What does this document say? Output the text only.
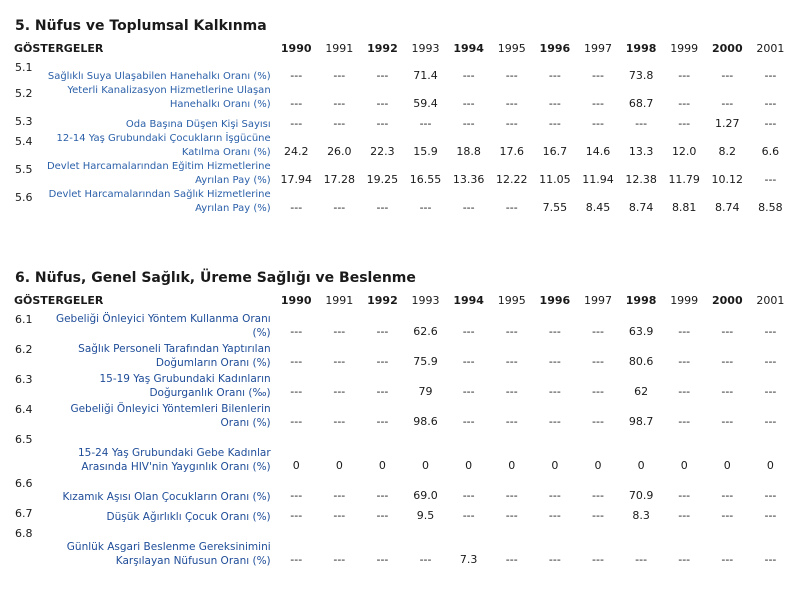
5. Nüfus ve Toplumsal Kalkınma
GÖSTERGELER		1990	1991	1992	1993	1994	1995	1996	1997	1998	1999	2000	2001
5.1	Sağlıklı Suya Ulaşabilen Hanehalkı Oranı (%)	---	---	---	71.4	---	---	---	---	73.8	---	---	---
5.2	Yeterli Kanalizasyon Hizmetlerine Ulaşan Hanehalkı Oranı (%)	---	---	---	59.4	---	---	---	---	68.7	---	---	---
5.3	Oda Başına Düşen Kişi Sayısı	---	---	---	---	---	---	---	---	---	---	1.27	---
5.4	12-14 Yaş Grubundaki Çocukların İşgücüne Katılma Oranı (%)	24.2	26.0	22.3	15.9	18.8	17.6	16.7	14.6	13.3	12.0	8.2	6.6
5.5	Devlet Harcamalarından Eğitim Hizmetlerine Ayrılan Pay (%)	17.94	17.28	19.25	16.55	13.36	12.22	11.05	11.94	12.38	11.79	10.12	---
5.6	Devlet Harcamalarından Sağlık Hizmetlerine Ayrılan Pay (%)	---	---	---	---	---	---	7.55	8.45	8.74	8.81	8.74	8.58
6. Nüfus, Genel Sağlık, Üreme Sağlığı ve Beslenme
GÖSTERGELER		1990	1991	1992	1993	1994	1995	1996	1997	1998	1999	2000	2001
6.1	Gebeliği Önleyici Yöntem Kullanma Oranı (%)	---	---	---	62.6	---	---	---	---	63.9	---	---	---
6.2	Sağlık Personeli Tarafından Yaptırılan Doğumların Oranı (%)	---	---	---	75.9	---	---	---	---	80.6	---	---	---
6.3	15-19 Yaş Grubundaki Kadınların Doğurganlık Oranı (‰)	---	---	---	79	---	---	---	---	62	---	---	---
6.4	Gebeliği Önleyici Yöntemleri Bilenlerin Oranı (%)	---	---	---	98.6	---	---	---	---	98.7	---	---	---
6.5	15-24 Yaş Grubundaki Gebe Kadınlar Arasında HIV'nin Yaygınlık Oranı (%)	0	0	0	0	0	0	0	0	0	0	0	0
6.6	Kızamık Aşısı Olan Çocukların Oranı (%)	---	---	---	69.0	---	---	---	---	70.9	---	---	---
6.7	Düşük Ağırlıklı Çocuk Oranı (%)	---	---	---	9.5	---	---	---	---	8.3	---	---	---
6.8	Günlük Asgari Beslenme Gereksinimini Karşılayan Nüfusun Oranı (%)	---	---	---	---	7.3	---	---	---	---	---	---	---
